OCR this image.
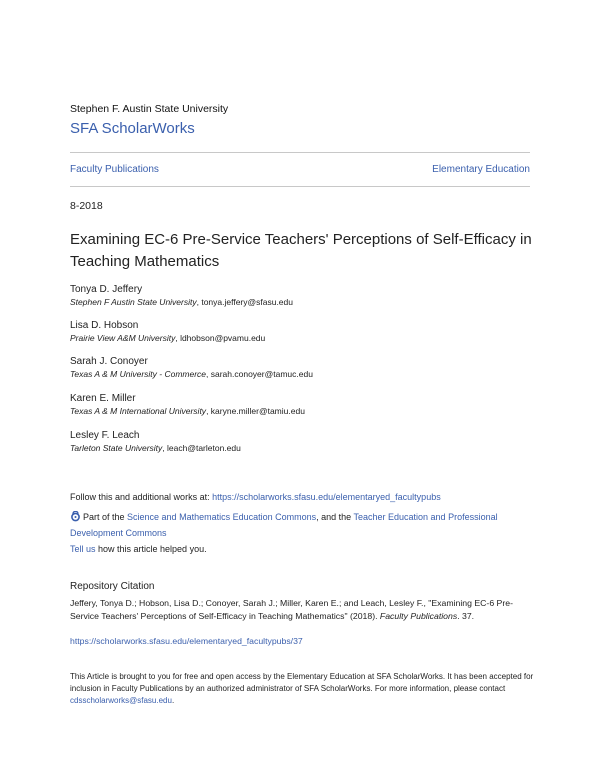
Stephen F. Austin State University
SFA ScholarWorks
Faculty Publications	Elementary Education
8-2018
Examining EC-6 Pre-Service Teachers' Perceptions of Self-Efficacy in Teaching Mathematics
Tonya D. Jeffery
Stephen F Austin State University, tonya.jeffery@sfasu.edu
Lisa D. Hobson
Prairie View A&M University, ldhobson@pvamu.edu
Sarah J. Conoyer
Texas A & M University - Commerce, sarah.conoyer@tamuc.edu
Karen E. Miller
Texas A & M International University, karyne.miller@tamiu.edu
Lesley F. Leach
Tarleton State University, leach@tarleton.edu
Follow this and additional works at: https://scholarworks.sfasu.edu/elementaryed_facultypubs
Part of the Science and Mathematics Education Commons, and the Teacher Education and Professional Development Commons
Tell us how this article helped you.
Repository Citation
Jeffery, Tonya D.; Hobson, Lisa D.; Conoyer, Sarah J.; Miller, Karen E.; and Leach, Lesley F., "Examining EC-6 Pre-Service Teachers' Perceptions of Self-Efficacy in Teaching Mathematics" (2018). Faculty Publications. 37.
https://scholarworks.sfasu.edu/elementaryed_facultypubs/37
This Article is brought to you for free and open access by the Elementary Education at SFA ScholarWorks. It has been accepted for inclusion in Faculty Publications by an authorized administrator of SFA ScholarWorks. For more information, please contact cdsscholarworks@sfasu.edu.
